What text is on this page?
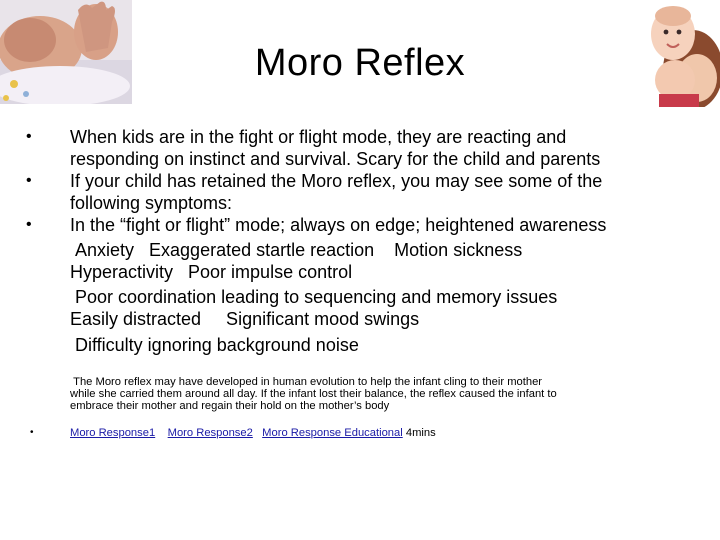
Moro Reflex
•	When kids are in the fight or flight mode, they are reacting and
responding on instinct and survival. Scary for the child and parents
•	If your child has retained the Moro reflex, you may see some of the
following symptoms:
•	In the “fight or flight” mode; always on edge; heightened awareness
Anxiety   Exaggerated startle reaction    Motion sickness
Hyperactivity   Poor impulse control
Poor coordination leading to sequencing and memory issues
Easily distracted     Significant mood swings
Difficulty ignoring background noise
The Moro reflex may have developed in human evolution to help the infant cling to their mother
while she carried them around all day. If the infant lost their balance, the reflex caused the infant to
embrace their mother and regain their hold on the mother’s body
•	Moro Response1 Moro Response2 Moro Response Educational 4mins
